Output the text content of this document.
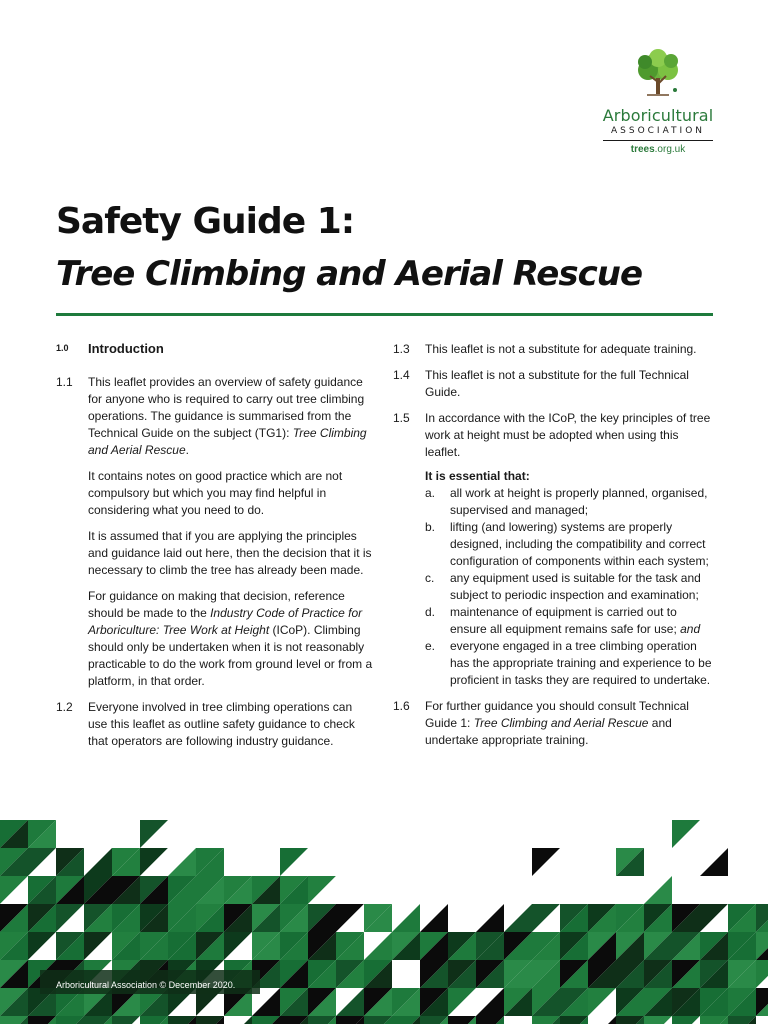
Arboricultural
ASSOCIATION
trees.org.uk
Safety Guide 1:
Tree Climbing and Aerial Rescue
1.0	Introduction
1.1	This leaflet provides an overview of safety guidance for anyone who is required to carry out tree climbing operations. The guidance is summarised from the Technical Guide on the subject (TG1): Tree Climbing and Aerial Rescue.
It contains notes on good practice which are not compulsory but which you may find helpful in considering what you need to do.
It is assumed that if you are applying the principles and guidance laid out here, then the decision that it is necessary to climb the tree has already been made.
For guidance on making that decision, reference should be made to the Industry Code of Practice for Arboriculture: Tree Work at Height (ICoP). Climbing should only be undertaken when it is not reasonably practicable to do the work from ground level or from a platform, in that order.
1.2	Everyone involved in tree climbing operations can use this leaflet as outline safety guidance to check that operators are following industry guidance.
1.3	This leaflet is not a substitute for adequate training.
1.4	This leaflet is not a substitute for the full Technical Guide.
1.5	In accordance with the ICoP, the key principles of tree work at height must be adopted when using this leaflet.
It is essential that:
a.	all work at height is properly planned, organised, supervised and managed;
b.	lifting (and lowering) systems are properly designed, including the compatibility and correct configuration of components within each system;
c.	any equipment used is suitable for the task and subject to periodic inspection and examination;
d.	maintenance of equipment is carried out to ensure all equipment remains safe for use; and
e.	everyone engaged in a tree climbing operation has the appropriate training and experience to be proficient in tasks they are required to undertake.
1.6	For further guidance you should consult Technical Guide 1: Tree Climbing and Aerial Rescue and undertake appropriate training.
Arboricultural Association © December 2020.
